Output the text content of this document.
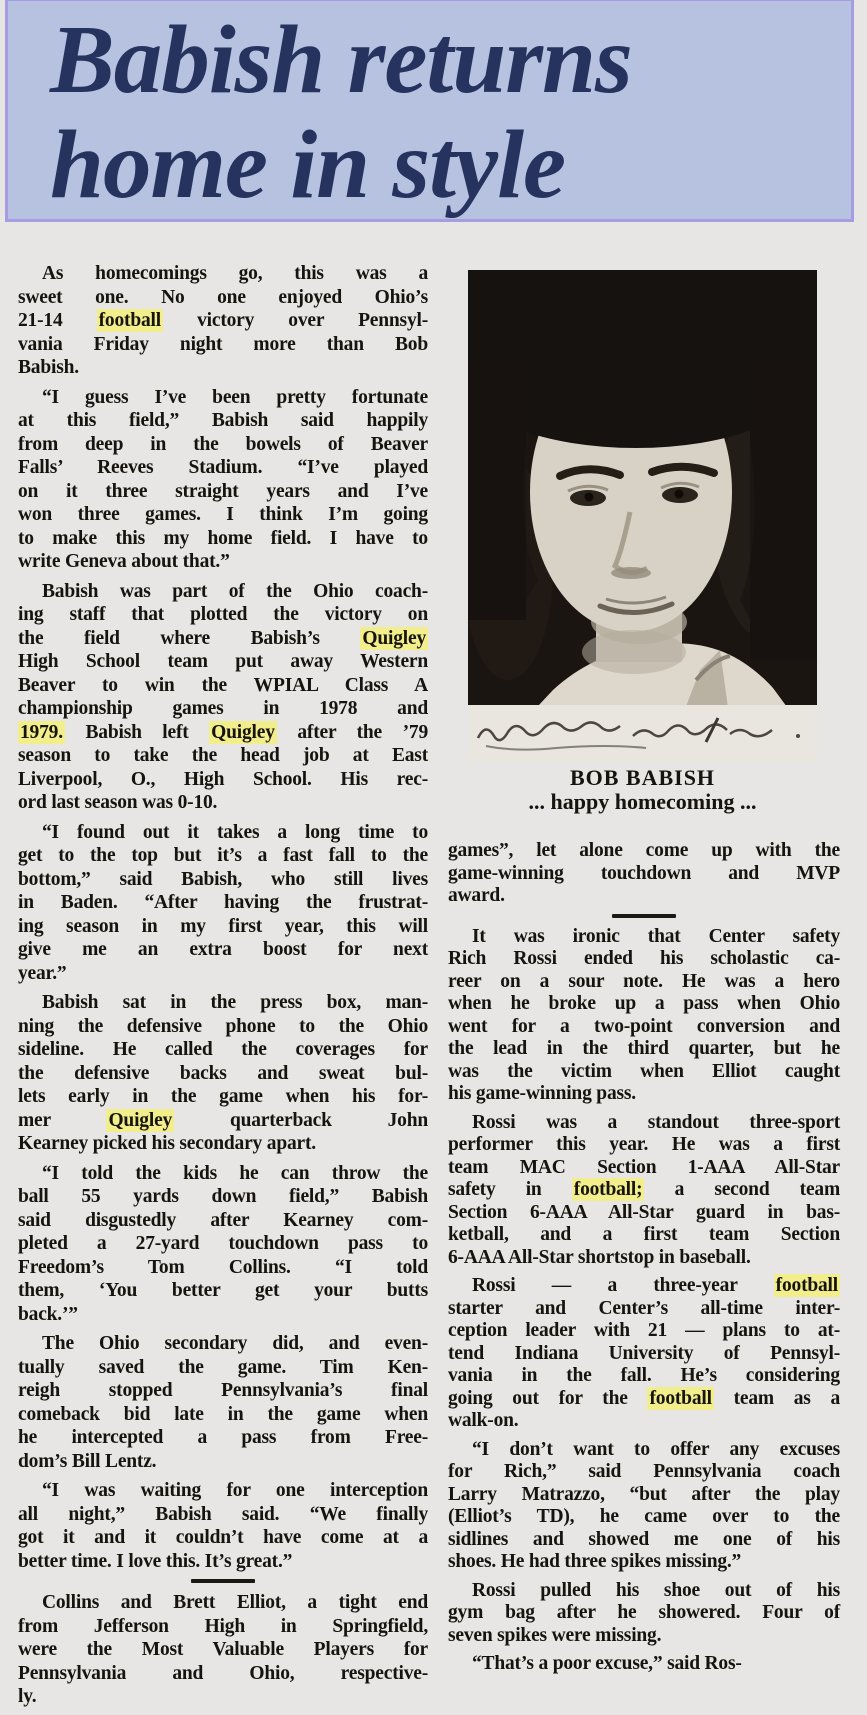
Babish returns
home in style
As homecomings go, this was a
sweet one. No one enjoyed Ohio’s
21-14 football victory over Pennsyl-
vania Friday night more than Bob
Babish.
“I guess I’ve been pretty fortunate
at this field,” Babish said happily
from deep in the bowels of Beaver
Falls’ Reeves Stadium. “I’ve played
on it three straight years and I’ve
won three games. I think I’m going
to make this my home field. I have to
write Geneva about that.”
Babish was part of the Ohio coach-
ing staff that plotted the victory on
the field where Babish’s Quigley
High School team put away Western
Beaver to win the WPIAL Class A
championship games in 1978 and
1979. Babish left Quigley after the ’79
season to take the head job at East
Liverpool, O., High School. His rec-
ord last season was 0-10.
“I found out it takes a long time to
get to the top but it’s a fast fall to the
bottom,” said Babish, who still lives
in Baden. “After having the frustrat-
ing season in my first year, this will
give me an extra boost for next
year.”
Babish sat in the press box, man-
ning the defensive phone to the Ohio
sideline. He called the coverages for
the defensive backs and sweat bul-
lets early in the game when his for-
mer Quigley quarterback John
Kearney picked his secondary apart.
“I told the kids he can throw the
ball 55 yards down field,” Babish
said disgustedly after Kearney com-
pleted a 27-yard touchdown pass to
Freedom’s Tom Collins. “I told
them, ‘You better get your butts
back.’”
The Ohio secondary did, and even-
tually saved the game. Tim Ken-
reigh stopped Pennsylvania’s final
comeback bid late in the game when
he intercepted a pass from Free-
dom’s Bill Lentz.
“I was waiting for one interception
all night,” Babish said. “We finally
got it and it couldn’t have come at a
better time. I love this. It’s great.”
Collins and Brett Elliot, a tight end
from Jefferson High in Springfield,
were the Most Valuable Players for
Pennsylvania and Ohio, respective-
ly.
BOB BABISH
... happy homecoming ...
games”, let alone come up with the
game-winning touchdown and MVP
award.
It was ironic that Center safety
Rich Rossi ended his scholastic ca-
reer on a sour note. He was a hero
when he broke up a pass when Ohio
went for a two-point conversion and
the lead in the third quarter, but he
was the victim when Elliot caught
his game-winning pass.
Rossi was a standout three-sport
performer this year. He was a first
team MAC Section 1-AAA All-Star
safety in football; a second team
Section 6-AAA All-Star guard in bas-
ketball, and a first team Section
6-AAA All-Star shortstop in baseball.
Rossi — a three-year football
starter and Center’s all-time inter-
ception leader with 21 — plans to at-
tend Indiana University of Pennsyl-
vania in the fall. He’s considering
going out for the football team as a
walk-on.
“I don’t want to offer any excuses
for Rich,” said Pennsylvania coach
Larry Matrazzo, “but after the play
(Elliot’s TD), he came over to the
sidlines and showed me one of his
shoes. He had three spikes missing.”
Rossi pulled his shoe out of his
gym bag after he showered. Four of
seven spikes were missing.
“That’s a poor excuse,” said Ros-
